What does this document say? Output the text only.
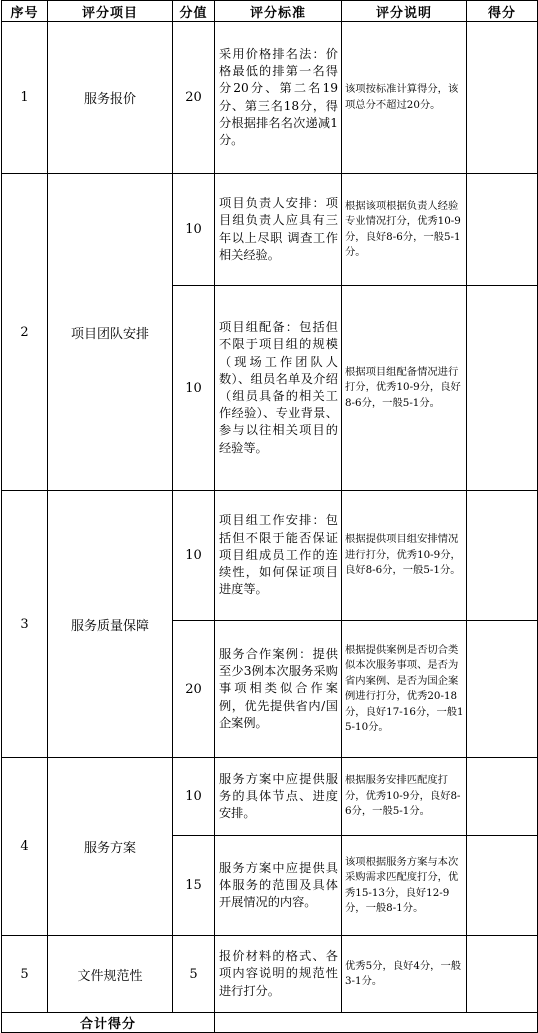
序号	评分项目	分值	评分标准	评分说明	得分
1	服务报价	20	采用价格排名法：价格最低的排第一名得分20分、第二名19分、第三名18分，得分根据排名名次递减1分。	该项按标准计算得分，该项总分不超过20分。	
2	项目团队安排	10	项目负责人安排：项目组负责人应具有三年以上尽职 调查工作相关经验。	根据该项根据负责人经验专业情况打分，优秀10-9分，良好8-6分，一般5-1分。	
		10	项目组配备：包括但不限于项目组的规模（现场工作团队人数）、组员名单及介绍（组员具备的相关工作经验）、专业背景、参与以往相关项目的经验等。	根据项目组配备情况进行打分，优秀10-9分，良好8-6分，一般5-1分。	
3	服务质量保障	10	项目组工作安排：包括但不限于能否保证项目组成员工作的连续性，如何保证项目进度等。	根据提供项目组安排情况进行打分，优秀10-9分，良好8-6分，一般5-1分。	
		20	服务合作案例：提供至少3例本次服务采购事项相类似合作案例，优先提供省内/国企案例。	根据提供案例是否切合类似本次服务事项、是否为省内案例、是否为国企案例进行打分，优秀20-18分，良好17-16分，一般15-10分。	
4	服务方案	10	服务方案中应提供服务的具体节点、进度安排。	根据服务安排匹配度打分，优秀10-9分，良好8-6分，一般5-1分。	
		15	服务方案中应提供具体服务的范围及具体开展情况的内容。	该项根据服务方案与本次采购需求匹配度打分，优秀15-13分，良好12-9分，一般8-1分。	
5	文件规范性	5	报价材料的格式、各项内容说明的规范性进行打分。	优秀5分，良好4分，一般3-1分。	
合计得分					
